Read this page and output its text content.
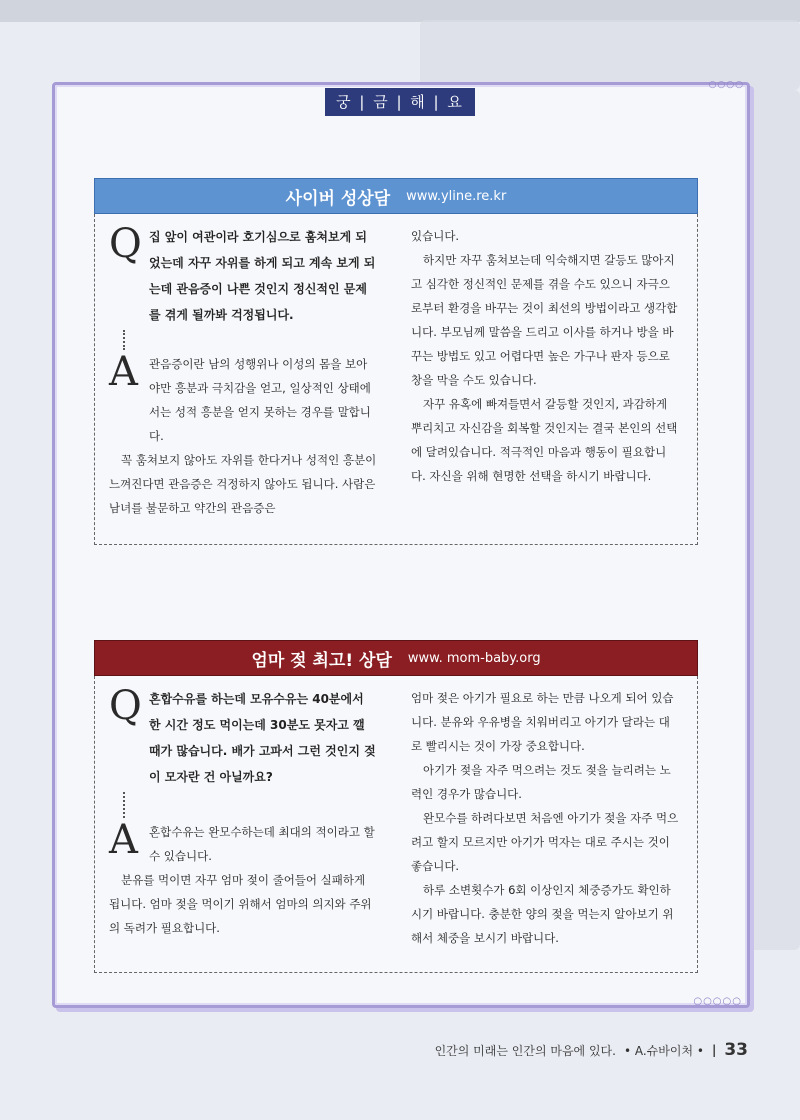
○○○○
○○○○○
궁 | 금 | 해 | 요
사이버 성상담 www.yline.re.kr
Q 집 앞이 여관이라 호기심으로 훔쳐보게 되었는데 자꾸 자위를 하게 되고 계속 보게 되는데 관음증이 나쁜 것인지 정신적인 문제를 겪게 될까봐 걱정됩니다.
A 관음증이란 남의 성행위나 이성의 몸을 보아야만 흥분과 극치감을 얻고, 일상적인 상태에서는 성적 흥분을 얻지 못하는 경우를 말합니다.

꼭 훔쳐보지 않아도 자위를 한다거나 성적인 흥분이 느껴진다면 관음증은 걱정하지 않아도 됩니다. 사람은 남녀를 불문하고 약간의 관음증은

있습니다.

하지만 자꾸 훔쳐보는데 익숙해지면 갈등도 많아지고 심각한 정신적인 문제를 겪을 수도 있으니 자극으로부터 환경을 바꾸는 것이 최선의 방법이라고 생각합니다. 부모님께 말씀을 드리고 이사를 하거나 방을 바꾸는 방법도 있고 어렵다면 높은 가구나 판자 등으로 창을 막을 수도 있습니다.

자꾸 유혹에 빠져들면서 갈등할 것인지, 과감하게 뿌리치고 자신감을 회복할 것인지는 결국 본인의 선택에 달려있습니다. 적극적인 마음과 행동이 필요합니다. 자신을 위해 현명한 선택을 하시기 바랍니다.

엄마 젖 최고! 상담 www. mom-baby.org
Q 혼합수유를 하는데 모유수유는 40분에서 한 시간 정도 먹이는데 30분도 못자고 깰 때가 많습니다. 배가 고파서 그런 것인지 젖이 모자란 건 아닐까요?
A 혼합수유는 완모수하는데 최대의 적이라고 할 수 있습니다.

분유를 먹이면 자꾸 엄마 젖이 줄어들어 실패하게 됩니다. 엄마 젖을 먹이기 위해서 엄마의 의지와 주위의 독려가 필요합니다.

엄마 젖은 아기가 필요로 하는 만큼 나오게 되어 있습니다. 분유와 우유병을 치워버리고 아기가 달라는 대로 빨리시는 것이 가장 중요합니다.

아기가 젖을 자주 먹으려는 것도 젖을 늘리려는 노력인 경우가 많습니다.

완모수를 하려다보면 처음엔 아기가 젖을 자주 먹으려고 할지 모르지만 아기가 먹자는 대로 주시는 것이 좋습니다.

하루 소변횟수가 6회 이상인지 체중증가도 확인하시기 바랍니다. 충분한 양의 젖을 먹는지 알아보기 위해서 체중을 보시기 바랍니다.

인간의 미래는 인간의 마음에 있다. • A.슈바이처 • | 33
